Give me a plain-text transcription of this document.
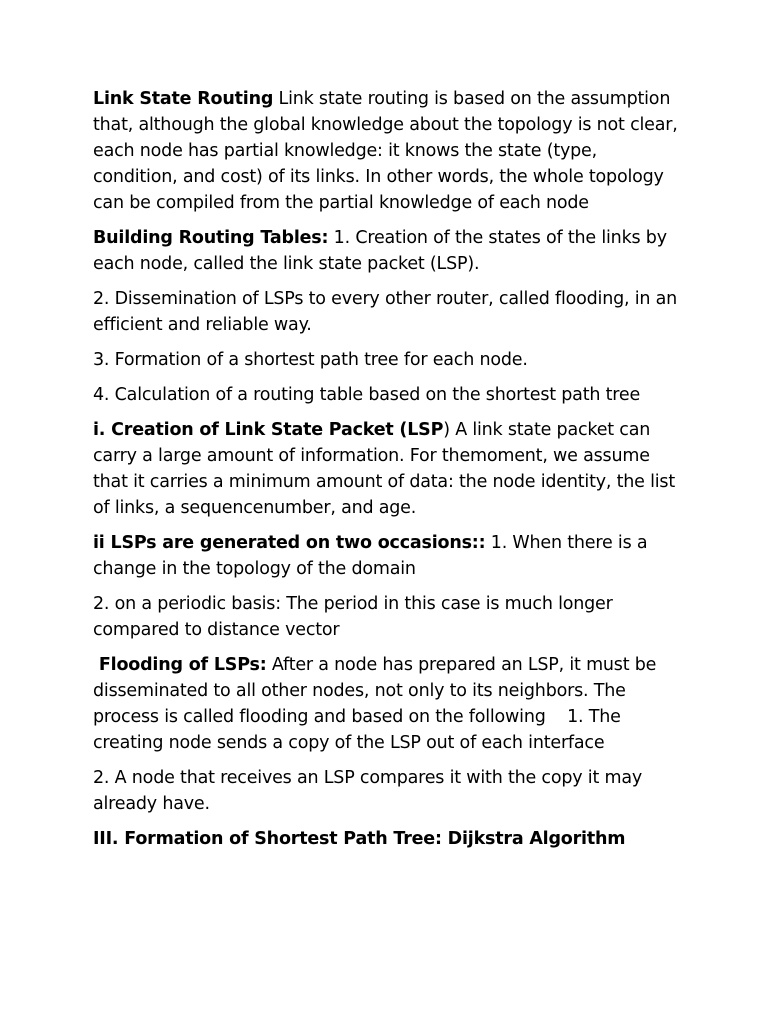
Link State Routing Link state routing is based on the assumption that, although the global knowledge about the topology is not clear, each node has partial knowledge: it knows the state (type, condition, and cost) of its links. In other words, the whole topology can be compiled from the partial knowledge of each node

Building Routing Tables: 1. Creation of the states of the links by each node, called the link state packet (LSP).

2. Dissemination of LSPs to every other router, called flooding, in an efficient and reliable way.

3. Formation of a shortest path tree for each node.

4. Calculation of a routing table based on the shortest path tree

i. Creation of Link State Packet (LSP) A link state packet can carry a large amount of information. For themoment, we assume that it carries a minimum amount of data: the node identity, the list of links, a sequencenumber, and age.

ii LSPs are generated on two occasions:: 1. When there is a change in the topology of the domain

2. on a periodic basis: The period in this case is much longer compared to distance vector

Flooding of LSPs: After a node has prepared an LSP, it must be disseminated to all other nodes, not only to its neighbors. The process is called flooding and based on the following    1. The creating node sends a copy of the LSP out of each interface

2. A node that receives an LSP compares it with the copy it may already have.

III. Formation of Shortest Path Tree: Dijkstra Algorithm
